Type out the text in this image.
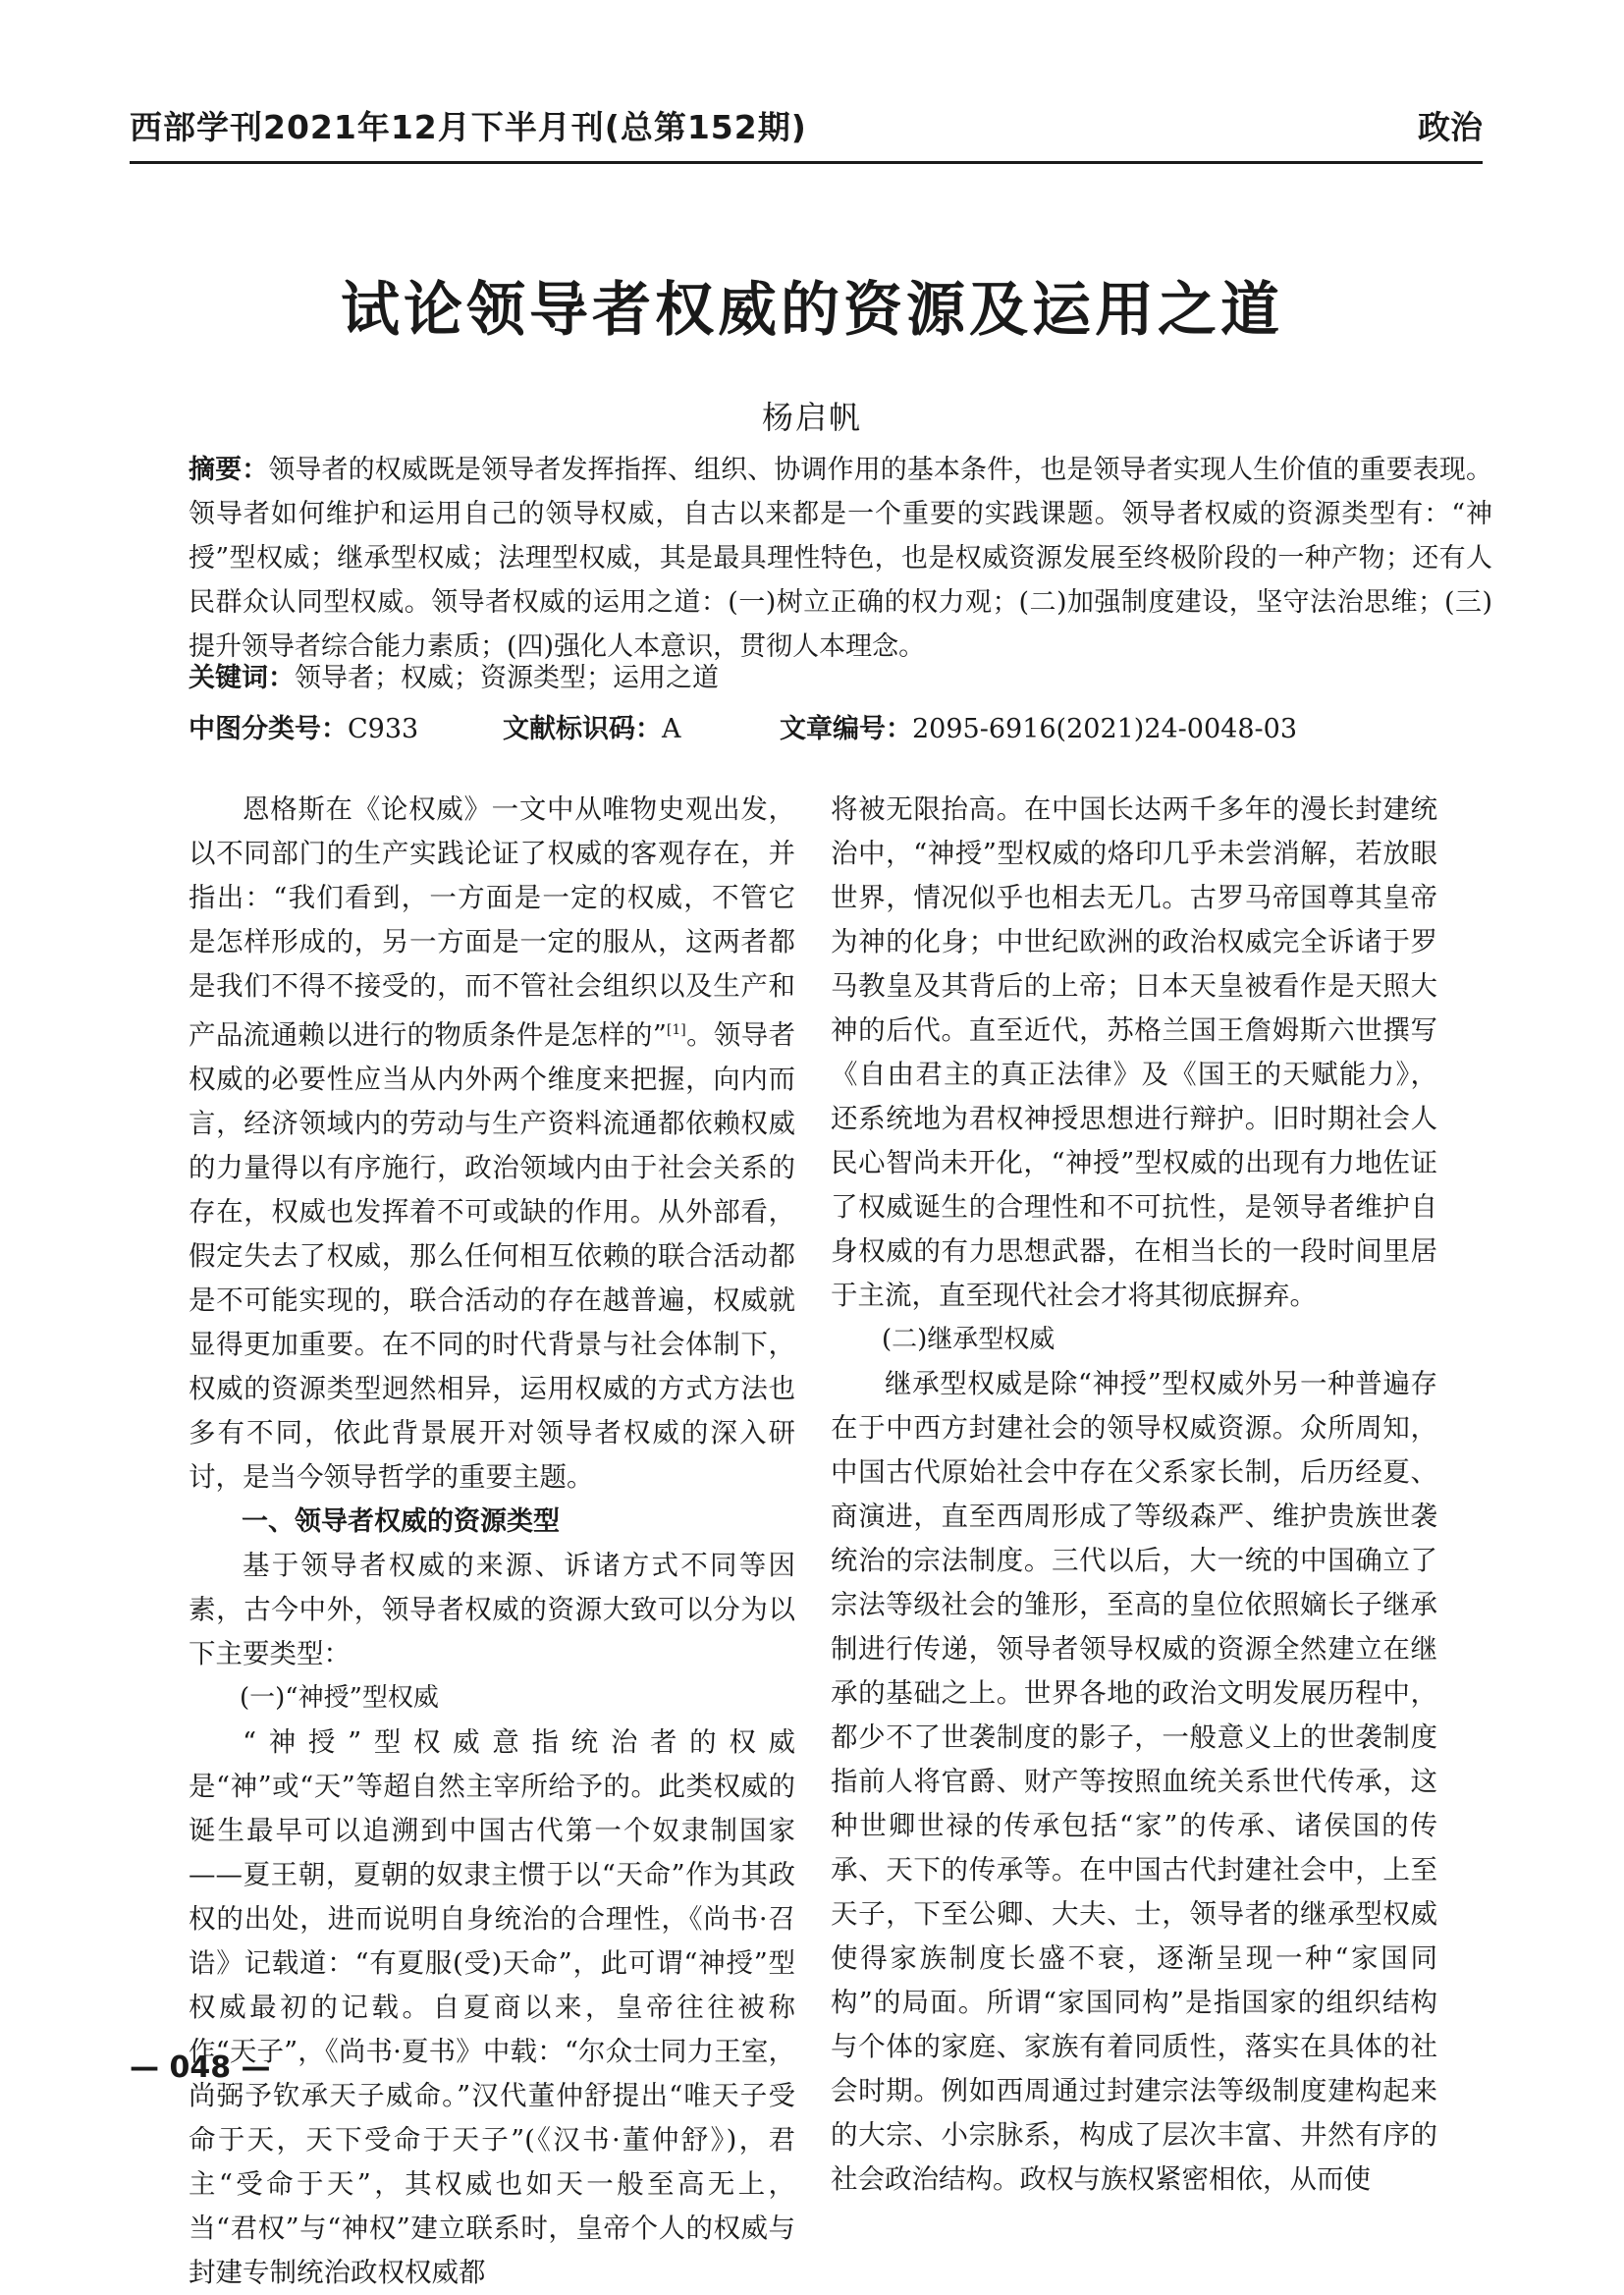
西部学刊2021年12月下半月刊(总第152期)	政治
试论领导者权威的资源及运用之道
杨启帆
摘要：领导者的权威既是领导者发挥指挥、组织、协调作用的基本条件，也是领导者实现人生价值的重要表现。领导者如何维护和运用自己的领导权威，自古以来都是一个重要的实践课题。领导者权威的资源类型有：“神授”型权威；继承型权威；法理型权威，其是最具理性特色，也是权威资源发展至终极阶段的一种产物；还有人民群众认同型权威。领导者权威的运用之道：(一)树立正确的权力观；(二)加强制度建设，坚守法治思维；(三)提升领导者综合能力素质；(四)强化人本意识，贯彻人本理念。
关键词：领导者；权威；资源类型；运用之道
中图分类号：C933	文献标识码：A	文章编号：2095-6916(2021)24-0048-03

恩格斯在《论权威》一文中从唯物史观出发，以不同部门的生产实践论证了权威的客观存在，并指出：“我们看到，一方面是一定的权威，不管它是怎样形成的，另一方面是一定的服从，这两者都是我们不得不接受的，而不管社会组织以及生产和产品流通赖以进行的物质条件是怎样的”[1]。领导者权威的必要性应当从内外两个维度来把握，向内而言，经济领域内的劳动与生产资料流通都依赖权威的力量得以有序施行，政治领域内由于社会关系的存在，权威也发挥着不可或缺的作用。从外部看，假定失去了权威，那么任何相互依赖的联合活动都是不可能实现的，联合活动的存在越普遍，权威就显得更加重要。在不同的时代背景与社会体制下，权威的资源类型迥然相异，运用权威的方式方法也多有不同，依此背景展开对领导者权威的深入研讨，是当今领导哲学的重要主题。

一、领导者权威的资源类型

基于领导者权威的来源、诉诸方式不同等因素，古今中外，领导者权威的资源大致可以分为以下主要类型：

(一)“神授”型权威

“神授”型权威意指统治者的权威是“神”或“天”等超自然主宰所给予的。此类权威的诞生最早可以追溯到中国古代第一个奴隶制国家——夏王朝，夏朝的奴隶主惯于以“天命”作为其政权的出处，进而说明自身统治的合理性，《尚书·召诰》记载道：“有夏服(受)天命”，此可谓“神授”型权威最初的记载。自夏商以来，皇帝往往被称作“天子”，《尚书·夏书》中载：“尔众士同力王室，尚弼予钦承天子威命。”汉代董仲舒提出“唯天子受命于天，天下受命于天子”(《汉书·董仲舒》)，君主“受命于天”，其权威也如天一般至高无上，当“君权”与“神权”建立联系时，皇帝个人的权威与封建专制统治政权权威都

将被无限抬高。在中国长达两千多年的漫长封建统治中，“神授”型权威的烙印几乎未尝消解，若放眼世界，情况似乎也相去无几。古罗马帝国尊其皇帝为神的化身；中世纪欧洲的政治权威完全诉诸于罗马教皇及其背后的上帝；日本天皇被看作是天照大神的后代。直至近代，苏格兰国王詹姆斯六世撰写《自由君主的真正法律》及《国王的天赋能力》，还系统地为君权神授思想进行辩护。旧时期社会人民心智尚未开化，“神授”型权威的出现有力地佐证了权威诞生的合理性和不可抗性，是领导者维护自身权威的有力思想武器，在相当长的一段时间里居于主流，直至现代社会才将其彻底摒弃。

(二)继承型权威

继承型权威是除“神授”型权威外另一种普遍存在于中西方封建社会的领导权威资源。众所周知，中国古代原始社会中存在父系家长制，后历经夏、商演进，直至西周形成了等级森严、维护贵族世袭统治的宗法制度。三代以后，大一统的中国确立了宗法等级社会的雏形，至高的皇位依照嫡长子继承制进行传递，领导者领导权威的资源全然建立在继承的基础之上。世界各地的政治文明发展历程中，都少不了世袭制度的影子，一般意义上的世袭制度指前人将官爵、财产等按照血统关系世代传承，这种世卿世禄的传承包括“家”的传承、诸侯国的传承、天下的传承等。在中国古代封建社会中，上至天子，下至公卿、大夫、士，领导者的继承型权威使得家族制度长盛不衰，逐渐呈现一种“家国同构”的局面。所谓“家国同构”是指国家的组织结构与个体的家庭、家族有着同质性，落实在具体的社会时期。例如西周通过封建宗法等级制度建构起来的大宗、小宗脉系，构成了层次丰富、井然有序的社会政治结构。政权与族权紧密相依，从而使

— 048 —
